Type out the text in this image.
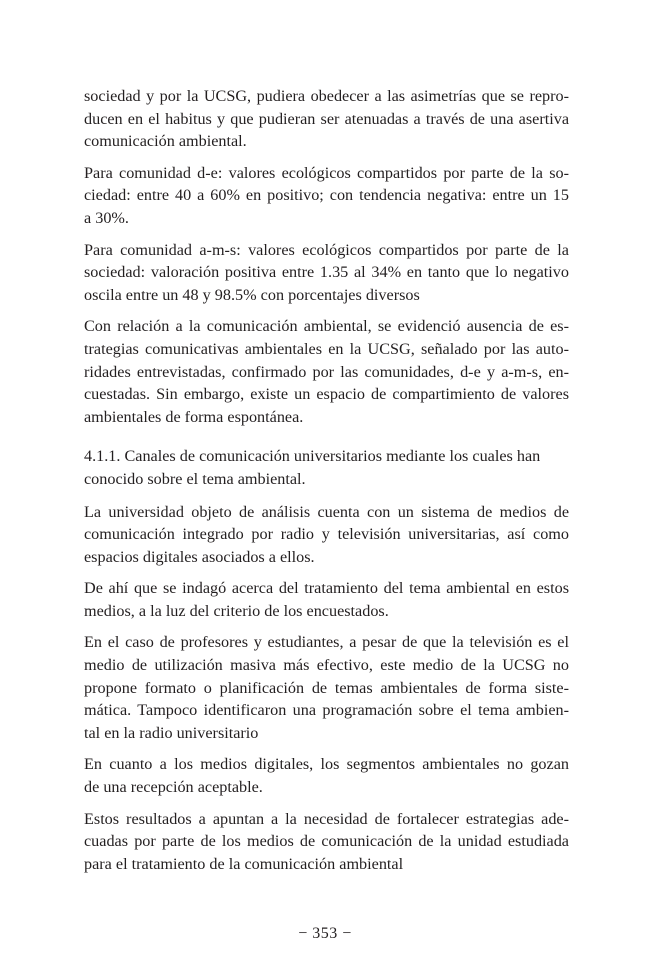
sociedad y por la UCSG, pudiera obedecer a las asimetrías que se repro-
ducen en el habitus y que pudieran ser atenuadas a través de una asertiva
comunicación ambiental.
Para comunidad d-e: valores ecológicos compartidos por parte de la so-
ciedad: entre 40 a 60% en positivo; con tendencia negativa: entre un 15
a 30%.
Para comunidad a-m-s: valores ecológicos compartidos por parte de la
sociedad: valoración positiva entre 1.35 al 34% en tanto que lo negativo
oscila entre un 48 y 98.5% con porcentajes diversos
Con relación a la comunicación ambiental, se evidenció ausencia de es-
trategias comunicativas ambientales en la UCSG, señalado por las auto-
ridades entrevistadas, confirmado por las comunidades, d-e y a-m-s, en-
cuestadas. Sin embargo, existe un espacio de compartimiento de valores
ambientales de forma espontánea.
4.1.1. Canales de comunicación universitarios mediante los cuales han
conocido sobre el tema ambiental.
La universidad objeto de análisis cuenta con un sistema de medios de
comunicación integrado por radio y televisión universitarias, así como
espacios digitales asociados a ellos.
De ahí que se indagó acerca del tratamiento del tema ambiental en estos
medios, a la luz del criterio de los encuestados.
En el caso de profesores y estudiantes, a pesar de que la televisión es el
medio de utilización masiva más efectivo, este medio de la UCSG no
propone formato o planificación de temas ambientales de forma siste-
mática. Tampoco identificaron una programación sobre el tema ambien-
tal en la radio universitario
En cuanto a los medios digitales, los segmentos ambientales no gozan
de una recepción aceptable.
Estos resultados a apuntan a la necesidad de fortalecer estrategias ade-
cuadas por parte de los medios de comunicación de la unidad estudiada
para el tratamiento de la comunicación ambiental
− 353 −
